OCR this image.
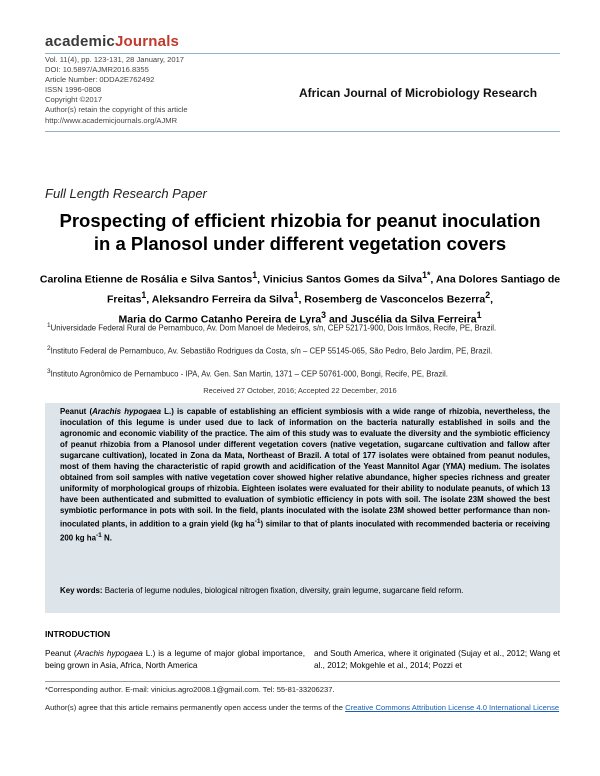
academicJournals
Vol. 11(4), pp. 123-131, 28 January, 2017
DOI: 10.5897/AJMR2016.8355
Article Number: 0DDA2E762492
ISSN 1996-0808
Copyright ©2017
Author(s) retain the copyright of this article
http://www.academicjournals.org/AJMR
African Journal of Microbiology Research
Full Length Research Paper
Prospecting of efficient rhizobia for peanut inoculation
in a Planosol under different vegetation covers
Carolina Etienne de Rosália e Silva Santos$^1$, Vinicius Santos Gomes da Silva$^{1*}$, Ana Dolores Santiago de Freitas$^1$, Aleksandro Ferreira da Silva$^1$, Rosemberg de Vasconcelos Bezerra$^2$,
Maria do Carmo Catanho Pereira de Lyra$^3$ and Juscélia da Silva Ferreira$^1$
$^1$Universidade Federal Rural de Pernambuco, Av. Dom Manoel de Medeiros, s/n, CEP 52171-900, Dois Irmãos, Recife, PE, Brazil.
$^2$Instituto Federal de Pernambuco, Av. Sebastião Rodrigues da Costa, s/n – CEP 55145-065, São Pedro, Belo Jardim, PE, Brazil.
$^3$Instituto Agronômico de Pernambuco - IPA, Av. Gen. San Martin, 1371 – CEP 50761-000, Bongi, Recife, PE, Brazil.
Received 27 October, 2016; Accepted 22 December, 2016
Peanut (Arachis hypogaea L.) is capable of establishing an efficient symbiosis with a wide range of rhizobia, nevertheless, the inoculation of this legume is under used due to lack of information on the bacteria naturally established in soils and the agronomic and economic viability of the practice. The aim of this study was to evaluate the diversity and the symbiotic efficiency of peanut rhizobia from a Planosol under different vegetation covers (native vegetation, sugarcane cultivation and fallow after sugarcane cultivation), located in Zona da Mata, Northeast of Brazil. A total of 177 isolates were obtained from peanut nodules, most of them having the characteristic of rapid growth and acidification of the Yeast Mannitol Agar (YMA) medium. The isolates obtained from soil samples with native vegetation cover showed higher relative abundance, higher species richness and greater uniformity of morphological groups of rhizobia. Eighteen isolates were evaluated for their ability to nodulate peanuts, of which 13 have been authenticated and submitted to evaluation of symbiotic efficiency in pots with soil. The isolate 23M showed the best symbiotic performance in pots with soil. In the field, plants inoculated with the isolate 23M showed better performance than non-inoculated plants, in addition to a grain yield (kg $ha^{-1}$) similar to that of plants inoculated with recommended bacteria or receiving 200 kg $ha^{-1}$ N.
Key words: Bacteria of legume nodules, biological nitrogen fixation, diversity, grain legume, sugarcane field reform.
INTRODUCTION
Peanut (Arachis hypogaea L.) is a legume of major global importance, being grown in Asia, Africa, North America
and South America, where it originated (Sujay et al., 2012; Wang et al., 2012; Mokgehle et al., 2014; Pozzi et
*Corresponding author. E-mail: vinicius.agro2008.1@gmail.com. Tel: 55-81-33206237.
Author(s) agree that this article remains permanently open access under the terms of the Creative Commons Attribution License 4.0 International License
